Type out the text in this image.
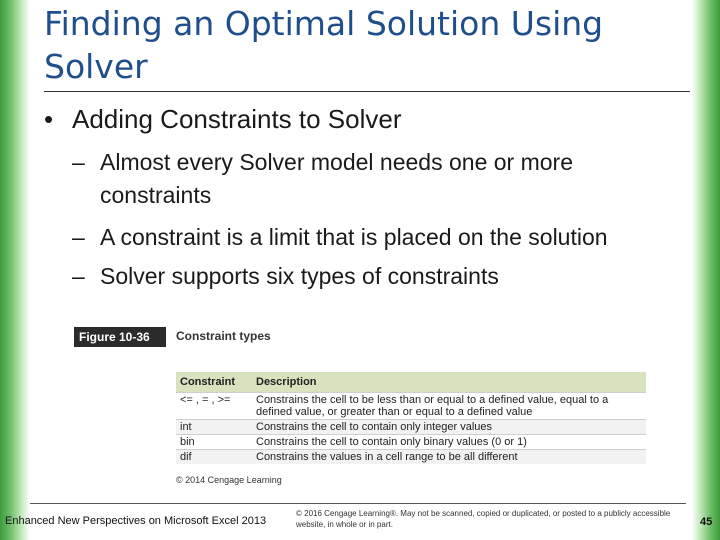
Finding an Optimal Solution Using Solver
• Adding Constraints to Solver
– Almost every Solver model needs one or more
constraints
– A constraint is a limit that is placed on the solution
– Solver supports six types of constraints
Figure 10-36	Constraint types

Constraint	Description
<= , = , >=	Constrains the cell to be less than or equal to a defined value, equal to a defined value, or greater than or equal to a defined value
int	Constrains the cell to contain only integer values
bin	Constrains the cell to contain only binary values (0 or 1)
dif	Constrains the values in a cell range to be all different
© 2014 Cengage Learning
Enhanced New Perspectives on Microsoft Excel 2013
© 2016 Cengage Learning®. May not be scanned, copied or duplicated, or posted to a publicly accessible website, in whole or in part.	45
